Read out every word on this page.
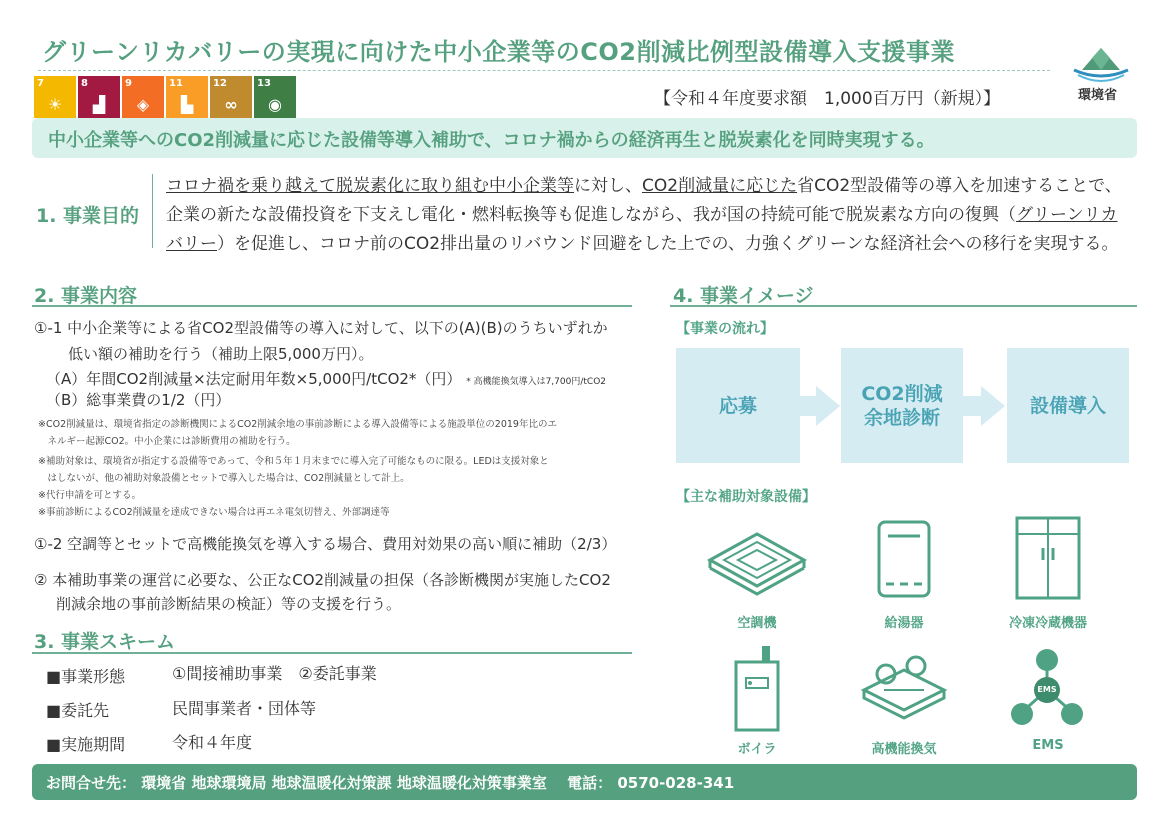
グリーンリカバリーの実現に向けた中小企業等のCO2削減比例型設備導入支援事業
環境省
7
☀
8
▟
9
◈
11
▙
12
∞
13
◉	【令和４年度要求額　1,000百万円（新規）】
中小企業等へのCO2削減量に応じた設備等導入補助で、コロナ禍からの経済再生と脱炭素化を同時実現する。
1. 事業目的
コロナ禍を乗り越えて脱炭素化に取り組む中小企業等に対し、CO2削減量に応じた省CO2型設備等の導入を加速することで、企業の新たな設備投資を下支えし電化・燃料転換等も促進しながら、我が国の持続可能で脱炭素な方向の復興（グリーンリカバリー）を促進し、コロナ前のCO2排出量のリバウンド回避をした上での、力強くグリーンな経済社会への移行を実現する。
2. 事業内容
①-1 中小企業等による省CO2型設備等の導入に対して、以下の(A)(B)のうちいずれか
低い額の補助を行う（補助上限5,000万円）。
（A）年間CO2削減量×法定耐用年数×5,000円/tCO2*（円） * 高機能換気導入は7,700円/tCO2
（B）総事業費の1/2（円）
※CO2削減量は、環境省指定の診断機関によるCO2削減余地の事前診断による導入設備等による施設単位の2019年比のエ
　ネルギー起源CO2。中小企業には診断費用の補助を行う。
※補助対象は、環境省が指定する設備等であって、令和５年１月末までに導入完了可能なものに限る。LEDは支援対象と
　はしないが、他の補助対象設備とセットで導入した場合は、CO2削減量として計上。
※代行申請を可とする。
※事前診断によるCO2削減量を達成できない場合は再エネ電気切替え、外部調達等
①-2 空調等とセットで高機能換気を導入する場合、費用対効果の高い順に補助（2/3）
② 本補助事業の運営に必要な、公正なCO2削減量の担保（各診断機関が実施したCO2
削減余地の事前診断結果の検証）等の支援を行う。
3. 事業スキーム
■事業形態	①間接補助事業　②委託事業
■委託先	民間事業者・団体等
■実施期間	令和４年度
4. 事業イメージ
【事業の流れ】
応募
CO2削減
余地診断
設備導入
【主な補助対象設備】
空調機	給湯器	冷凍冷蔵機器
ボイラ	高機能換気
EMS
EMS
お問合せ先： 環境省 地球環境局 地球温暖化対策課 地球温暖化対策事業室　 電話： 0570-028-341
